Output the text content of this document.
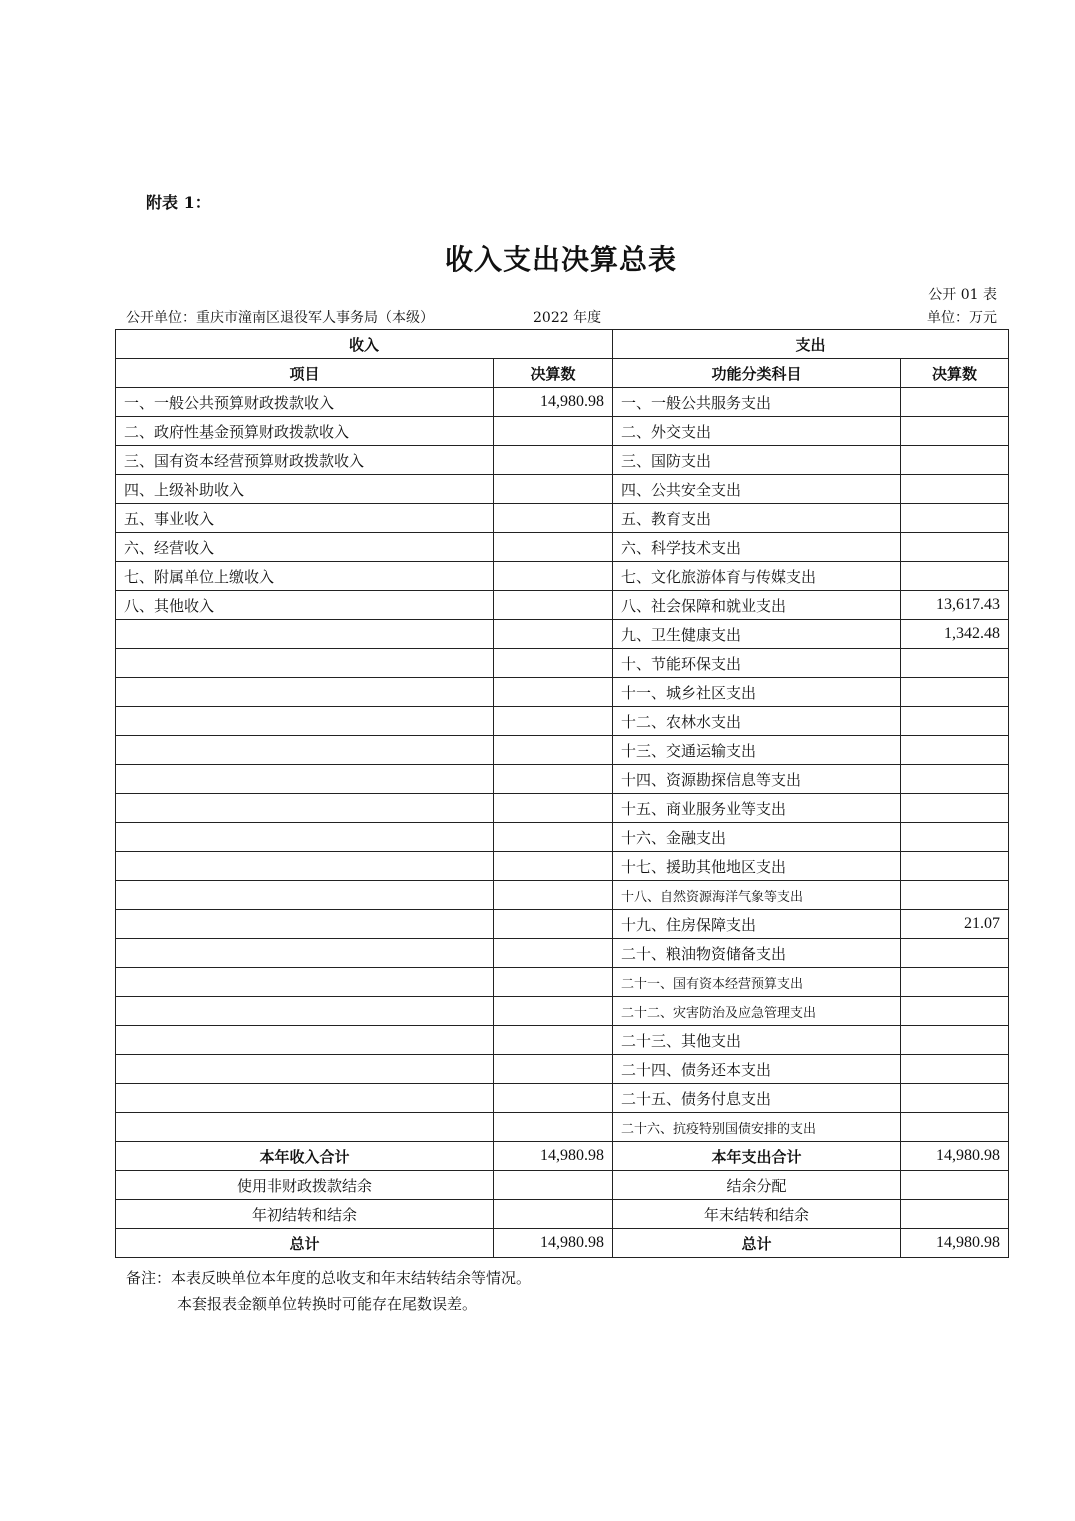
附表 1：
收入支出决算总表
公开 01 表
公开单位：重庆市潼南区退役军人事务局（本级）	2022 年度	单位：万元
收入		支出	
项目	决算数	功能分类科目	决算数
一、一般公共预算财政拨款收入	14,980.98	一、一般公共服务支出	
二、政府性基金预算财政拨款收入		二、外交支出	
三、国有资本经营预算财政拨款收入		三、国防支出	
四、上级补助收入		四、公共安全支出	
五、事业收入		五、教育支出	
六、经营收入		六、科学技术支出	
七、附属单位上缴收入		七、文化旅游体育与传媒支出	
八、其他收入		八、社会保障和就业支出	13,617.43
		九、卫生健康支出	1,342.48
		十、节能环保支出	
		十一、城乡社区支出	
		十二、农林水支出	
		十三、交通运输支出	
		十四、资源勘探信息等支出	
		十五、商业服务业等支出	
		十六、金融支出	
		十七、援助其他地区支出	
		十八、自然资源海洋气象等支出	
		十九、住房保障支出	21.07
		二十、粮油物资储备支出	
		二十一、国有资本经营预算支出	
		二十二、灾害防治及应急管理支出	
		二十三、其他支出	
		二十四、债务还本支出	
		二十五、债务付息支出	
		二十六、抗疫特别国债安排的支出	
本年收入合计	14,980.98	本年支出合计	14,980.98
使用非财政拨款结余		结余分配	
年初结转和结余		年末结转和结余	
总计	14,980.98	总计	14,980.98
备注：本表反映单位本年度的总收支和年末结转结余等情况。
本套报表金额单位转换时可能存在尾数误差。
